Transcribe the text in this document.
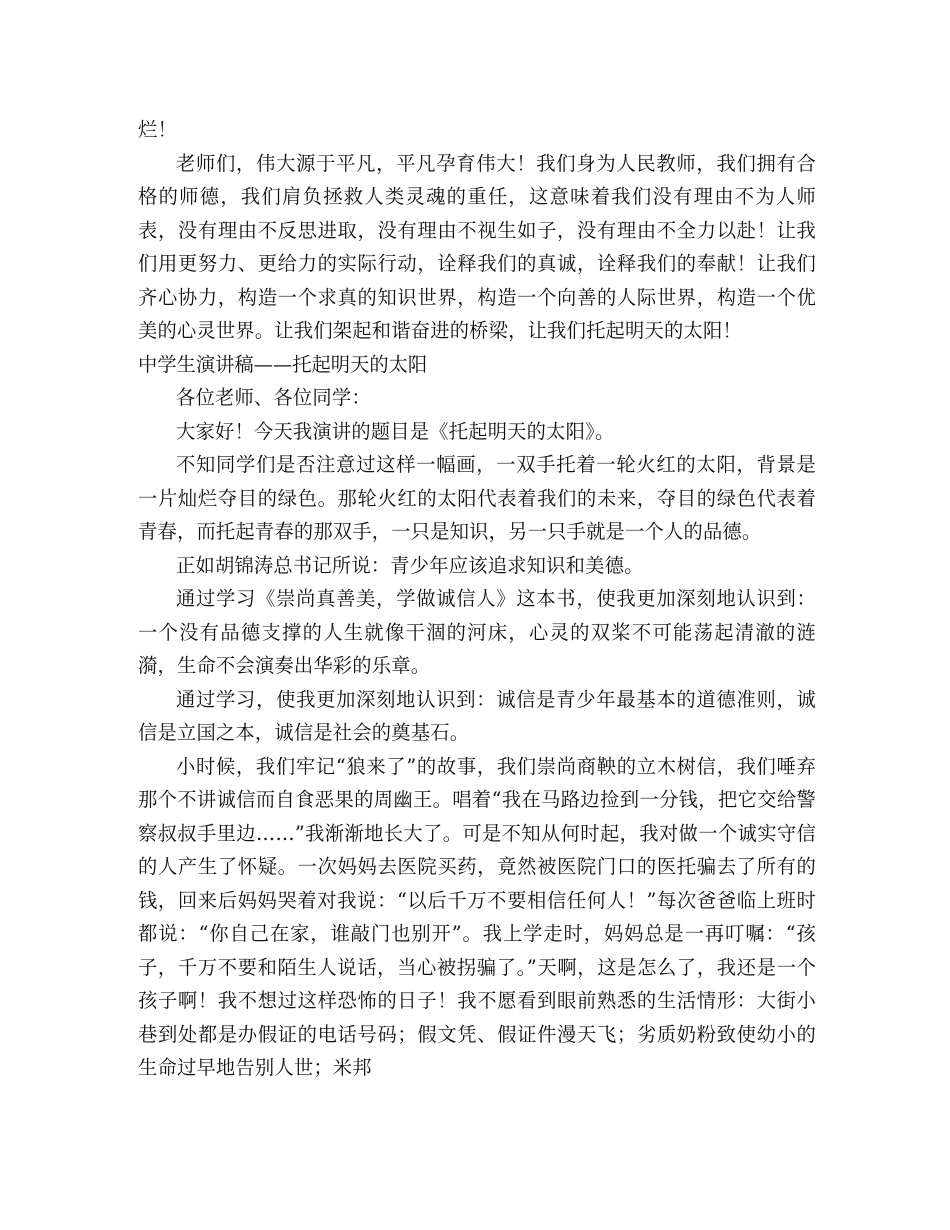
烂！

老师们，伟大源于平凡，平凡孕育伟大！我们身为人民教师，我们拥有合格的师德，我们肩负拯救人类灵魂的重任，这意味着我们没有理由不为人师表，没有理由不反思进取，没有理由不视生如子，没有理由不全力以赴！让我们用更努力、更给力的实际行动，诠释我们的真诚，诠释我们的奉献！让我们齐心协力，构造一个求真的知识世界，构造一个向善的人际世界，构造一个优美的心灵世界。让我们架起和谐奋进的桥梁，让我们托起明天的太阳！

中学生演讲稿——托起明天的太阳

各位老师、各位同学：

大家好！今天我演讲的题目是《托起明天的太阳》。

不知同学们是否注意过这样一幅画，一双手托着一轮火红的太阳，背景是一片灿烂夺目的绿色。那轮火红的太阳代表着我们的未来，夺目的绿色代表着青春，而托起青春的那双手，一只是知识，另一只手就是一个人的品德。

正如胡锦涛总书记所说：青少年应该追求知识和美德。

通过学习《崇尚真善美，学做诚信人》这本书，使我更加深刻地认识到：一个没有品德支撑的人生就像干涸的河床，心灵的双桨不可能荡起清澈的涟漪，生命不会演奏出华彩的乐章。

通过学习，使我更加深刻地认识到：诚信是青少年最基本的道德准则，诚信是立国之本，诚信是社会的奠基石。

小时候，我们牢记“狼来了”的故事，我们崇尚商鞅的立木树信，我们唾弃那个不讲诚信而自食恶果的周幽王。唱着“我在马路边捡到一分钱，把它交给警察叔叔手里边……”我渐渐地长大了。可是不知从何时起，我对做一个诚实守信的人产生了怀疑。一次妈妈去医院买药，竟然被医院门口的医托骗去了所有的钱，回来后妈妈哭着对我说：“以后千万不要相信任何人！”每次爸爸临上班时都说：“你自己在家，谁敲门也别开”。我上学走时，妈妈总是一再叮嘱：“孩子，千万不要和陌生人说话，当心被拐骗了。”天啊，这是怎么了，我还是一个孩子啊！我不想过这样恐怖的日子！我不愿看到眼前熟悉的生活情形：大街小巷到处都是办假证的电话号码；假文凭、假证件漫天飞；劣质奶粉致使幼小的生命过早地告别人世；米邦
